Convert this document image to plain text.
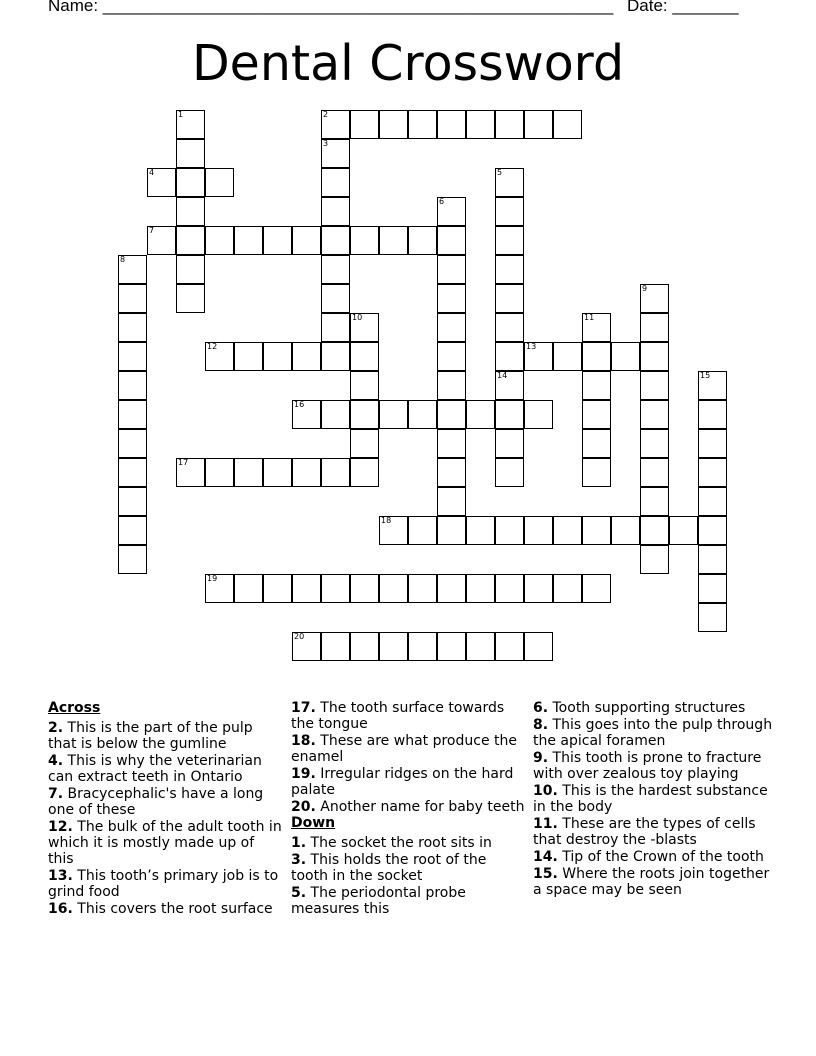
Name: ______________________________________________________ Date: _______
Dental Crossword
1	2
3
4	5
6
7
8
9
10	11
12	13
14	15
16
17
18
19
20
Across
2. This is the part of the pulp that is below the gumline
4. This is why the veterinarian can extract teeth in Ontario
7. Bracycephalic's have a long one of these
12. The bulk of the adult tooth in which it is mostly made up of this
13. This tooth’s primary job is to grind food
16. This covers the root surface
17. The tooth surface towards the tongue
18. These are what produce the enamel
19. Irregular ridges on the hard palate
20. Another name for baby teeth
Down
1. The socket the root sits in
3. This holds the root of the tooth in the socket
5. The periodontal probe measures this
6. Tooth supporting structures
8. This goes into the pulp through the apical foramen
9. This tooth is prone to fracture with over zealous toy playing
10. This is the hardest substance in the body
11. These are the types of cells that destroy the -blasts
14. Tip of the Crown of the tooth
15. Where the roots join together a space may be seen
